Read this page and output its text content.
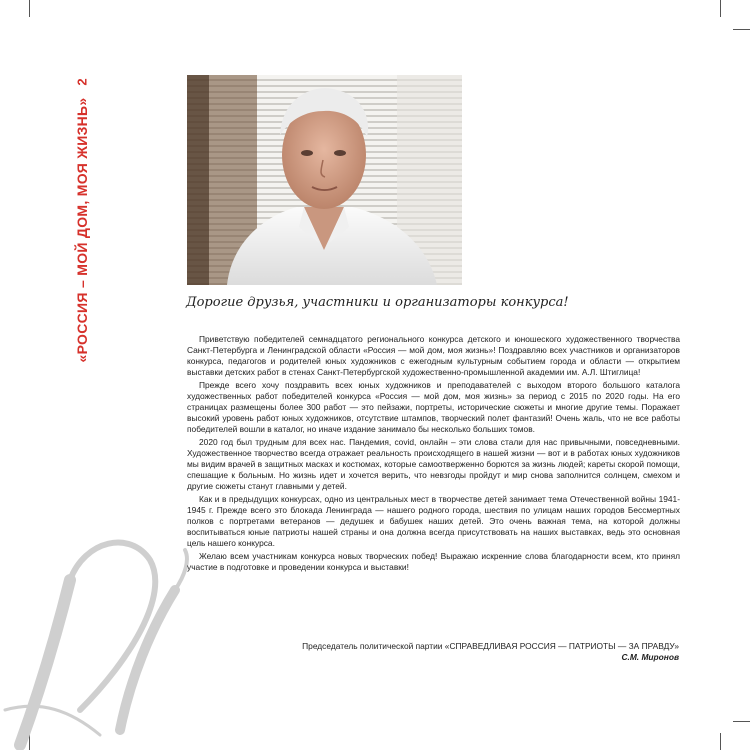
2
«РОССИЯ – МОЙ ДОМ, МОЯ ЖИЗНЬ»	Дорогие друзья, участники и организаторы конкурса!

Приветствую победителей семнадцатого регионального конкурса детского и юношеского художественного творчества Санкт-Петербурга и Ленинградской области «Россия — мой дом, моя жизнь»! Поздравляю всех участников и организаторов конкурса, педагогов и родителей юных художников с ежегодным культурным событием города и области — открытием выставки детских работ в стенах Санкт-Петербургской художественно-промышленной академии им. А.Л. Штиглица!

Прежде всего хочу поздравить всех юных художников и преподавателей с выходом второго большого каталога художественных работ победителей конкурса «Россия — мой дом, моя жизнь» за период с 2015 по 2020 годы. На его страницах размещены более 300 работ — это пейзажи, портреты, исторические сюжеты и многие другие темы. Поражает высокий уровень работ юных художников, отсутствие штампов, творческий полет фантазий! Очень жаль, что не все работы победителей вошли в каталог, но иначе издание занимало бы несколько больших томов.

2020 год был трудным для всех нас. Пандемия, covid, онлайн – эти слова стали для нас привычными, повседневными. Художественное творчество всегда отражает реальность происходящего в нашей жизни — вот и в работах юных художников мы видим врачей в защитных масках и костюмах, которые самоотверженно борются за жизнь людей; кареты скорой помощи, спешащие к больным. Но жизнь идет и хочется верить, что невзгоды пройдут и мир снова заполнится солнцем, смехом и другие сюжеты станут главными у детей.

Как и в предыдущих конкурсах, одно из центральных мест в творчестве детей занимает тема Отечественной войны 1941-1945 г. Прежде всего это блокада Ленинграда — нашего родного города, шествия по улицам наших городов Бессмертных полков с портретами ветеранов — дедушек и бабушек наших детей. Это очень важная тема, на которой должны воспитываться юные патриоты нашей страны и она должна всегда присутствовать на наших выставках, ведь это основная цель нашего конкурса.

Желаю всем участникам конкурса новых творческих побед! Выражаю искренние слова благодарности всем, кто принял участие в подготовке и проведении конкурса и выставки!

Председатель политической партии «СПРАВЕДЛИВАЯ РОССИЯ — ПАТРИОТЫ — ЗА ПРАВДУ»
С.М. Миронов
